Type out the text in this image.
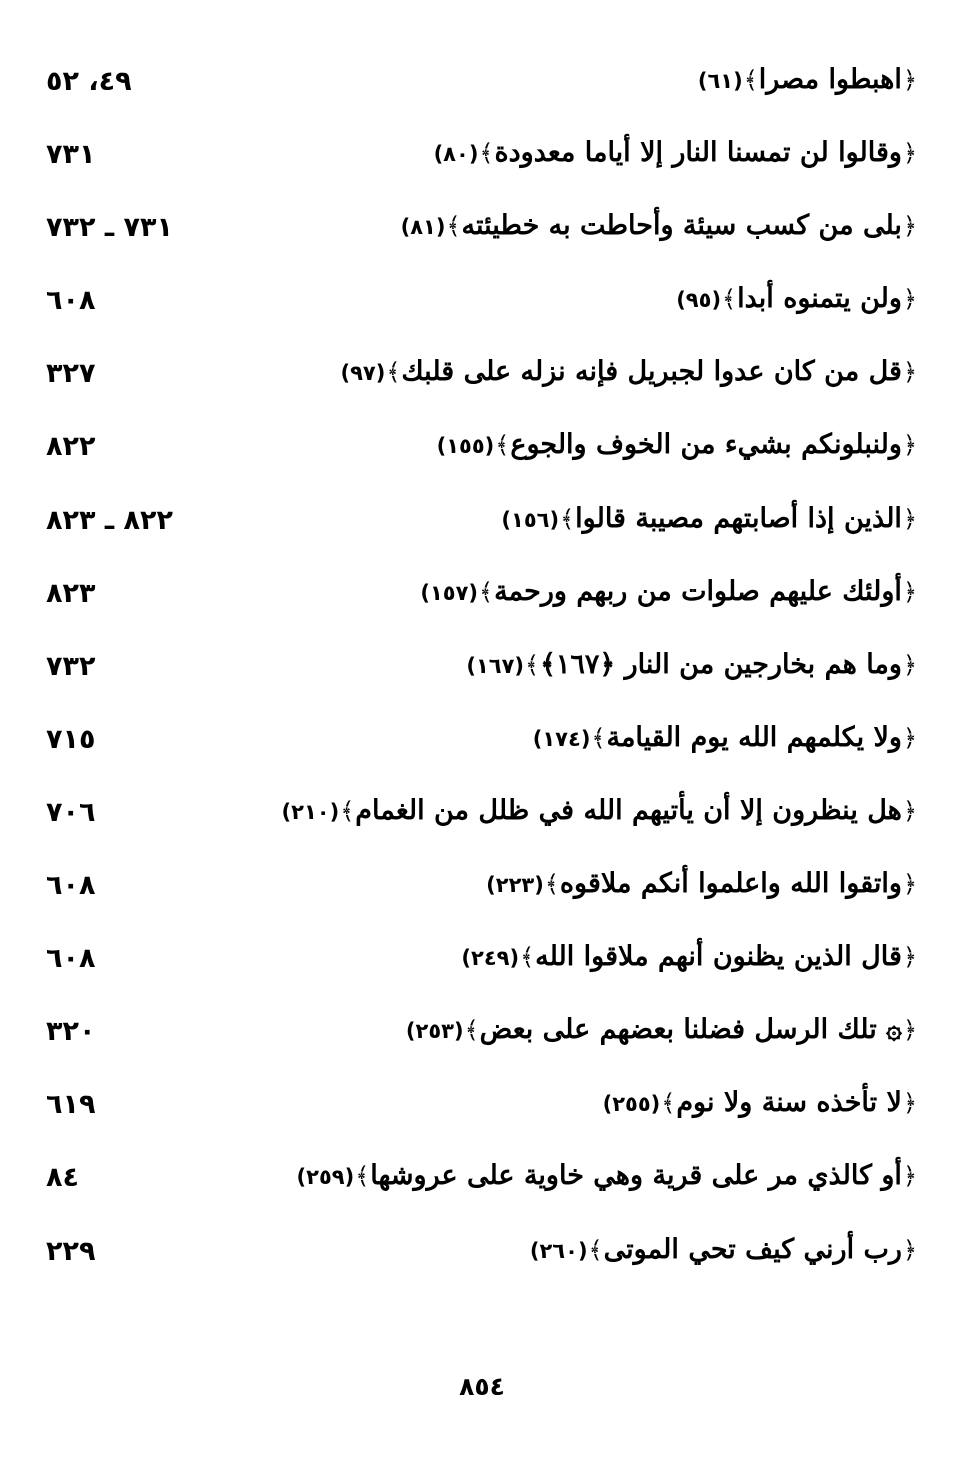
﴿اهبطوا مصرا﴾(٦١)
٤٩، ٥٢
﴿وقالوا لن تمسنا النار إلا أياما معدودة﴾(٨٠)
٧٣١
﴿بلى من كسب سيئة وأحاطت به خطيئته﴾(٨١)
٧٣١ ـ ٧٣٢
﴿ولن يتمنوه أبدا﴾(٩٥)
٦٠٨
﴿قل من كان عدوا لجبريل فإنه نزله على قلبك﴾(٩٧)
٣٢٧
﴿ولنبلونكم بشيء من الخوف والجوع﴾(١٥٥)
٨٢٢
﴿الذين إذا أصابتهم مصيبة قالوا﴾(١٥٦)
٨٢٢ ـ ٨٢٣
﴿أولئك عليهم صلوات من ربهم ورحمة﴾(١٥٧)
٨٢٣
﴿وما هم بخارجين من النار ﴿١٦٧﴾﴾(١٦٧)
٧٣٢
﴿ولا يكلمهم الله يوم القيامة﴾(١٧٤)
٧١٥
﴿هل ينظرون إلا أن يأتيهم الله في ظلل من الغمام﴾(٢١٠)
٧٠٦
﴿واتقوا الله واعلموا أنكم ملاقوه﴾(٢٢٣)
٦٠٨
﴿قال الذين يظنون أنهم ملاقوا الله﴾(٢٤٩)
٦٠٨
﴿۞ تلك الرسل فضلنا بعضهم على بعض﴾(٢٥٣)
٣٢٠
﴿لا تأخذه سنة ولا نوم﴾(٢٥٥)
٦١٩
﴿أو كالذي مر على قرية وهي خاوية على عروشها﴾(٢٥٩)
٨٤
﴿رب أرني كيف تحي الموتى﴾(٢٦٠)
٢٢٩
٨٥٤
